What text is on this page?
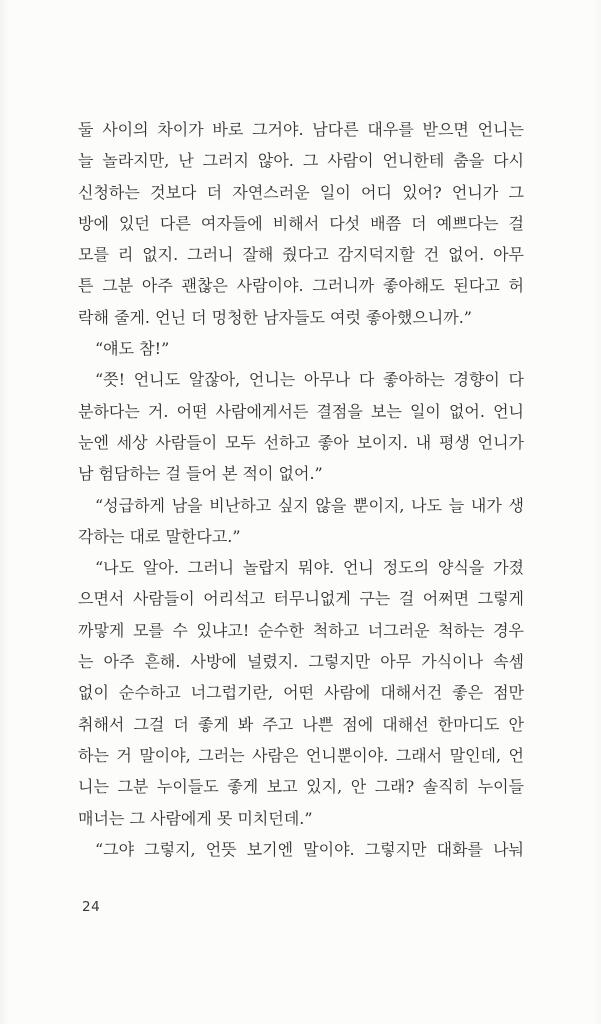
둘 사이의 차이가 바로 그거야. 남다른 대우를 받으면 언니는
늘 놀라지만, 난 그러지 않아. 그 사람이 언니한테 춤을 다시
신청하는 것보다 더 자연스러운 일이 어디 있어? 언니가 그
방에 있던 다른 여자들에 비해서 다섯 배쯤 더 예쁘다는 걸
모를 리 없지. 그러니 잘해 줬다고 감지덕지할 건 없어. 아무
튼 그분 아주 괜찮은 사람이야. 그러니까 좋아해도 된다고 허
락해 줄게. 언닌 더 멍청한 남자들도 여럿 좋아했으니까.”
“얘도 참!”
“쯧! 언니도 알잖아, 언니는 아무나 다 좋아하는 경향이 다
분하다는 거. 어떤 사람에게서든 결점을 보는 일이 없어. 언니
눈엔 세상 사람들이 모두 선하고 좋아 보이지. 내 평생 언니가
남 험담하는 걸 들어 본 적이 없어.”
“성급하게 남을 비난하고 싶지 않을 뿐이지, 나도 늘 내가 생
각하는 대로 말한다고.”
“나도 알아. 그러니 놀랍지 뭐야. 언니 정도의 양식을 가졌
으면서 사람들이 어리석고 터무니없게 구는 걸 어쩌면 그렇게
까맣게 모를 수 있냐고! 순수한 척하고 너그러운 척하는 경우
는 아주 흔해. 사방에 널렸지. 그렇지만 아무 가식이나 속셈
없이 순수하고 너그럽기란, 어떤 사람에 대해서건 좋은 점만
취해서 그걸 더 좋게 봐 주고 나쁜 점에 대해선 한마디도 안
하는 거 말이야, 그러는 사람은 언니뿐이야. 그래서 말인데, 언
니는 그분 누이들도 좋게 보고 있지, 안 그래? 솔직히 누이들
매너는 그 사람에게 못 미치던데.”
“그야 그렇지, 언뜻 보기엔 말이야. 그렇지만 대화를 나눠
24
